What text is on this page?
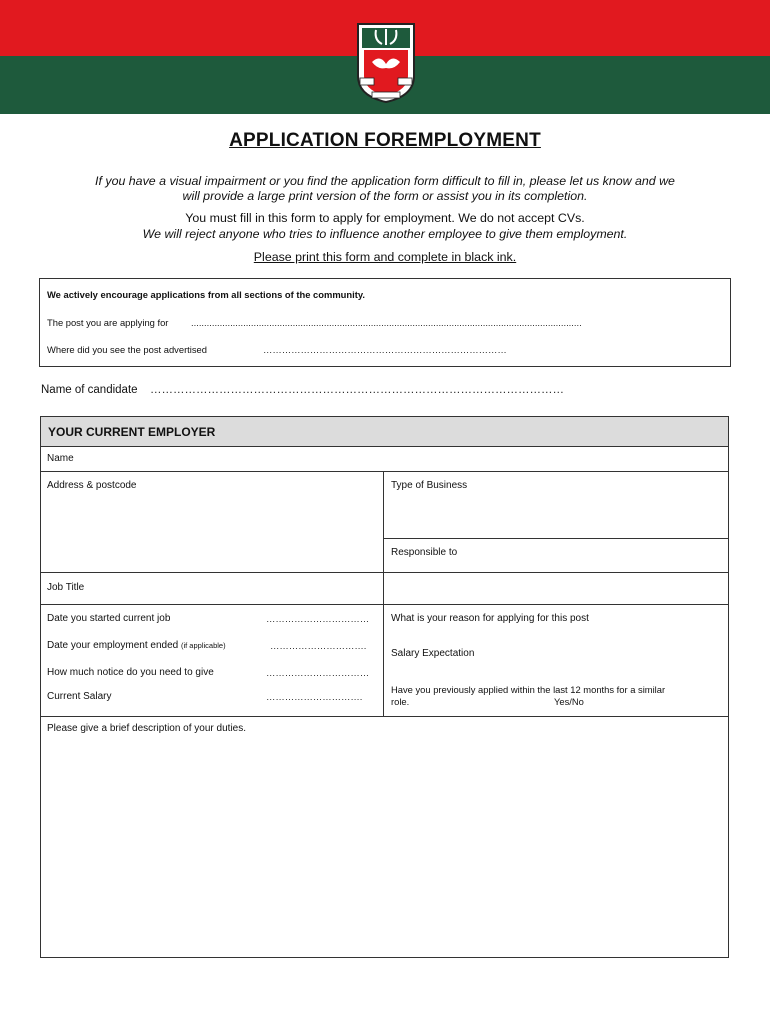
APPLICATION FOREMPLOYMENT
If you have a visual impairment or you find the application form difficult to fill in, please let us know and we
will provide a large print version of the form or assist you in its completion.
You must fill in this form to apply for employment. We do not accept CVs.
We will reject anyone who tries to influence another employee to give them employment.
Please print this form and complete in black ink.
We actively encourage applications from all sections of the community.
The post you are applying for ......................................................................................................................................................
Where did you see the post advertised	……………………………………………………………………
Name of candidate ………………………………………………………………………………………………
YOUR CURRENT EMPLOYER
Name
Address & postcode	Type of Business
Responsible to
Job Title
Date you started current job	……………………………
Date your employment ended (if applicable)	………………………….
How much notice do you need to give	……………………………
Current Salary	………………………….
What is your reason for applying for this post
Salary Expectation
Have you previously applied within the last 12 months for a similar
role.	Yes/No
Please give a brief description of your duties.
